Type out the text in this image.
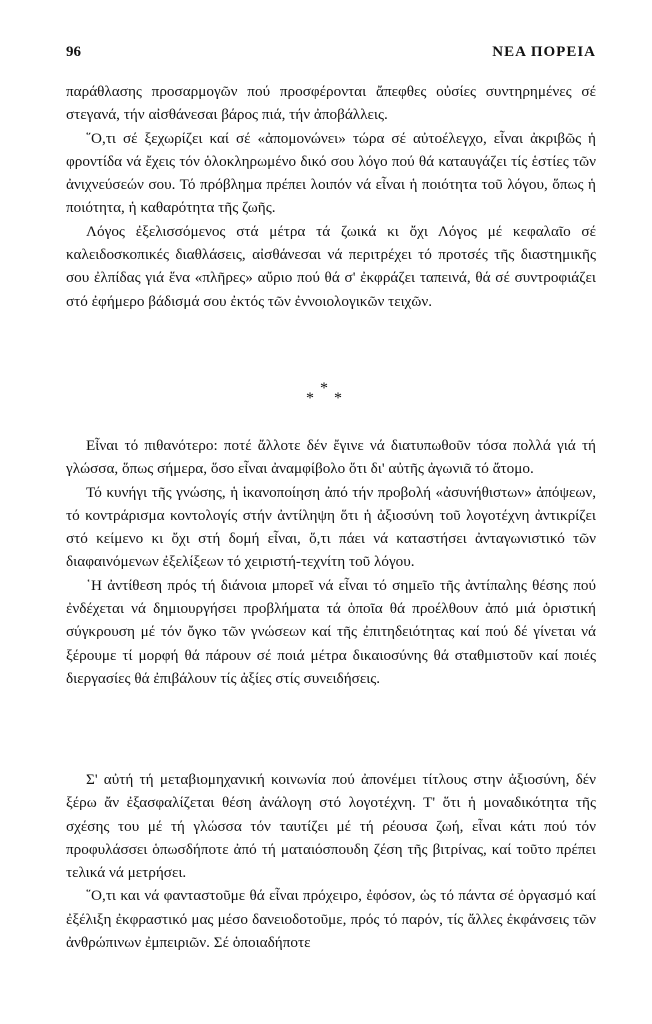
96	ΝΕΑ ΠΟΡΕΙΑ

παράθλασης προσαρμογῶν πού προσφέρονται ἄπεφθες οὐσίες συντηρημένες σέ στεγανά, τήν αἰσθάνεσαι βάρος πιά, τήν ἀποβάλλεις.

῞Ο,τι σέ ξεχωρίζει καί σέ «ἀπομονώνει» τώρα σέ αὐτοέλεγχο, εἶναι ἀκριβῶς ἡ φροντίδα νά ἔχεις τόν ὁλοκληρωμένο δικό σου λόγο πού θά καταυγάζει τίς ἑστίες τῶν ἀνιχνεύσεών σου. Τό πρόβλημα πρέπει λοιπόν νά εἶναι ἡ ποιότητα τοῦ λόγου, ὅπως ἡ ποιότητα, ἡ καθαρότητα τῆς ζωῆς.

Λόγος ἐξελισσόμενος στά μέτρα τά ζωικά κι ὄχι Λόγος μέ κεφαλαῖο σέ καλειδοσκοπικές διαθλάσεις, αἰσθάνεσαι νά περιτρέχει τό προτσές τῆς διαστημικῆς σου ἐλπίδας γιά ἕνα «πλῆρες» αὔριο πού θά σ' ἐκφράζει ταπεινά, θά σέ συντροφιάζει στό ἐφήμερο βάδισμά σου ἐκτός τῶν ἐννοιολογικῶν τειχῶν.

*
*
*

Εἶναι τό πιθανότερο: ποτέ ἄλλοτε δέν ἔγινε νά διατυπωθοῦν τόσα πολλά γιά τή γλώσσα, ὅπως σήμερα, ὅσο εἶναι ἀναμφίβολο ὅτι δι' αὐτῆς ἀγωνιᾶ τό ἄτομο.

Τό κυνήγι τῆς γνώσης, ἡ ἱκανοποίηση ἀπό τήν προβολή «ἀσυνήθιστων» ἀπόψεων, τό κοντράρισμα κοντολογίς στήν ἀντίληψη ὅτι ἡ ἀξιοσύνη τοῦ λογοτέχνη ἀντικρίζει στό κείμενο κι ὄχι στή δομή εἶναι, ὅ,τι πάει νά καταστήσει ἀνταγωνιστικό τῶν διαφαινόμενων ἐξελίξεων τό χειριστή-τεχνίτη τοῦ λόγου.

῾Η ἀντίθεση πρός τή διάνοια μπορεῖ νά εἶναι τό σημεῖο τῆς ἀντίπαλης θέσης πού ἐνδέχεται νά δημιουργήσει προβλήματα τά ὁποῖα θά προέλθουν ἀπό μιά ὁριστική σύγκρουση μέ τόν ὄγκο τῶν γνώσεων καί τῆς ἐπιτηδειότητας καί πού δέ γίνεται νά ξέρουμε τί μορφή θά πάρουν σέ ποιά μέτρα δικαιοσύνης θά σταθμιστοῦν καί ποιές διεργασίες θά ἐπιβάλουν τίς ἀξίες στίς συνειδήσεις.

Σ' αὐτή τή μεταβιομηχανική κοινωνία πού ἀπονέμει τίτλους στην ἀξιοσύνη, δέν ξέρω ἄν ἐξασφαλίζεται θέση ἀνάλογη στό λογοτέχνη. Τ' ὅτι ἡ μοναδικότητα τῆς σχέσης του μέ τή γλώσσα τόν ταυτίζει μέ τή ρέουσα ζωή, εἶναι κάτι πού τόν προφυλάσσει ὁπωσδήποτε ἀπό τή ματαιόσπουδη ζέση τῆς βιτρίνας, καί τοῦτο πρέπει τελικά νά μετρήσει.

῞Ο,τι και νά φανταστοῦμε θά εἶναι πρόχειρο, ἐφόσον, ὡς τό πάντα σέ ὀργασμό καί ἐξέλιξη ἐκφραστικό μας μέσο δανειοδοτοῦμε, πρός τό παρόν, τίς ἄλλες ἐκφάνσεις τῶν ἀνθρώπινων ἐμπειριῶν. Σέ ὁποιαδήποτε
